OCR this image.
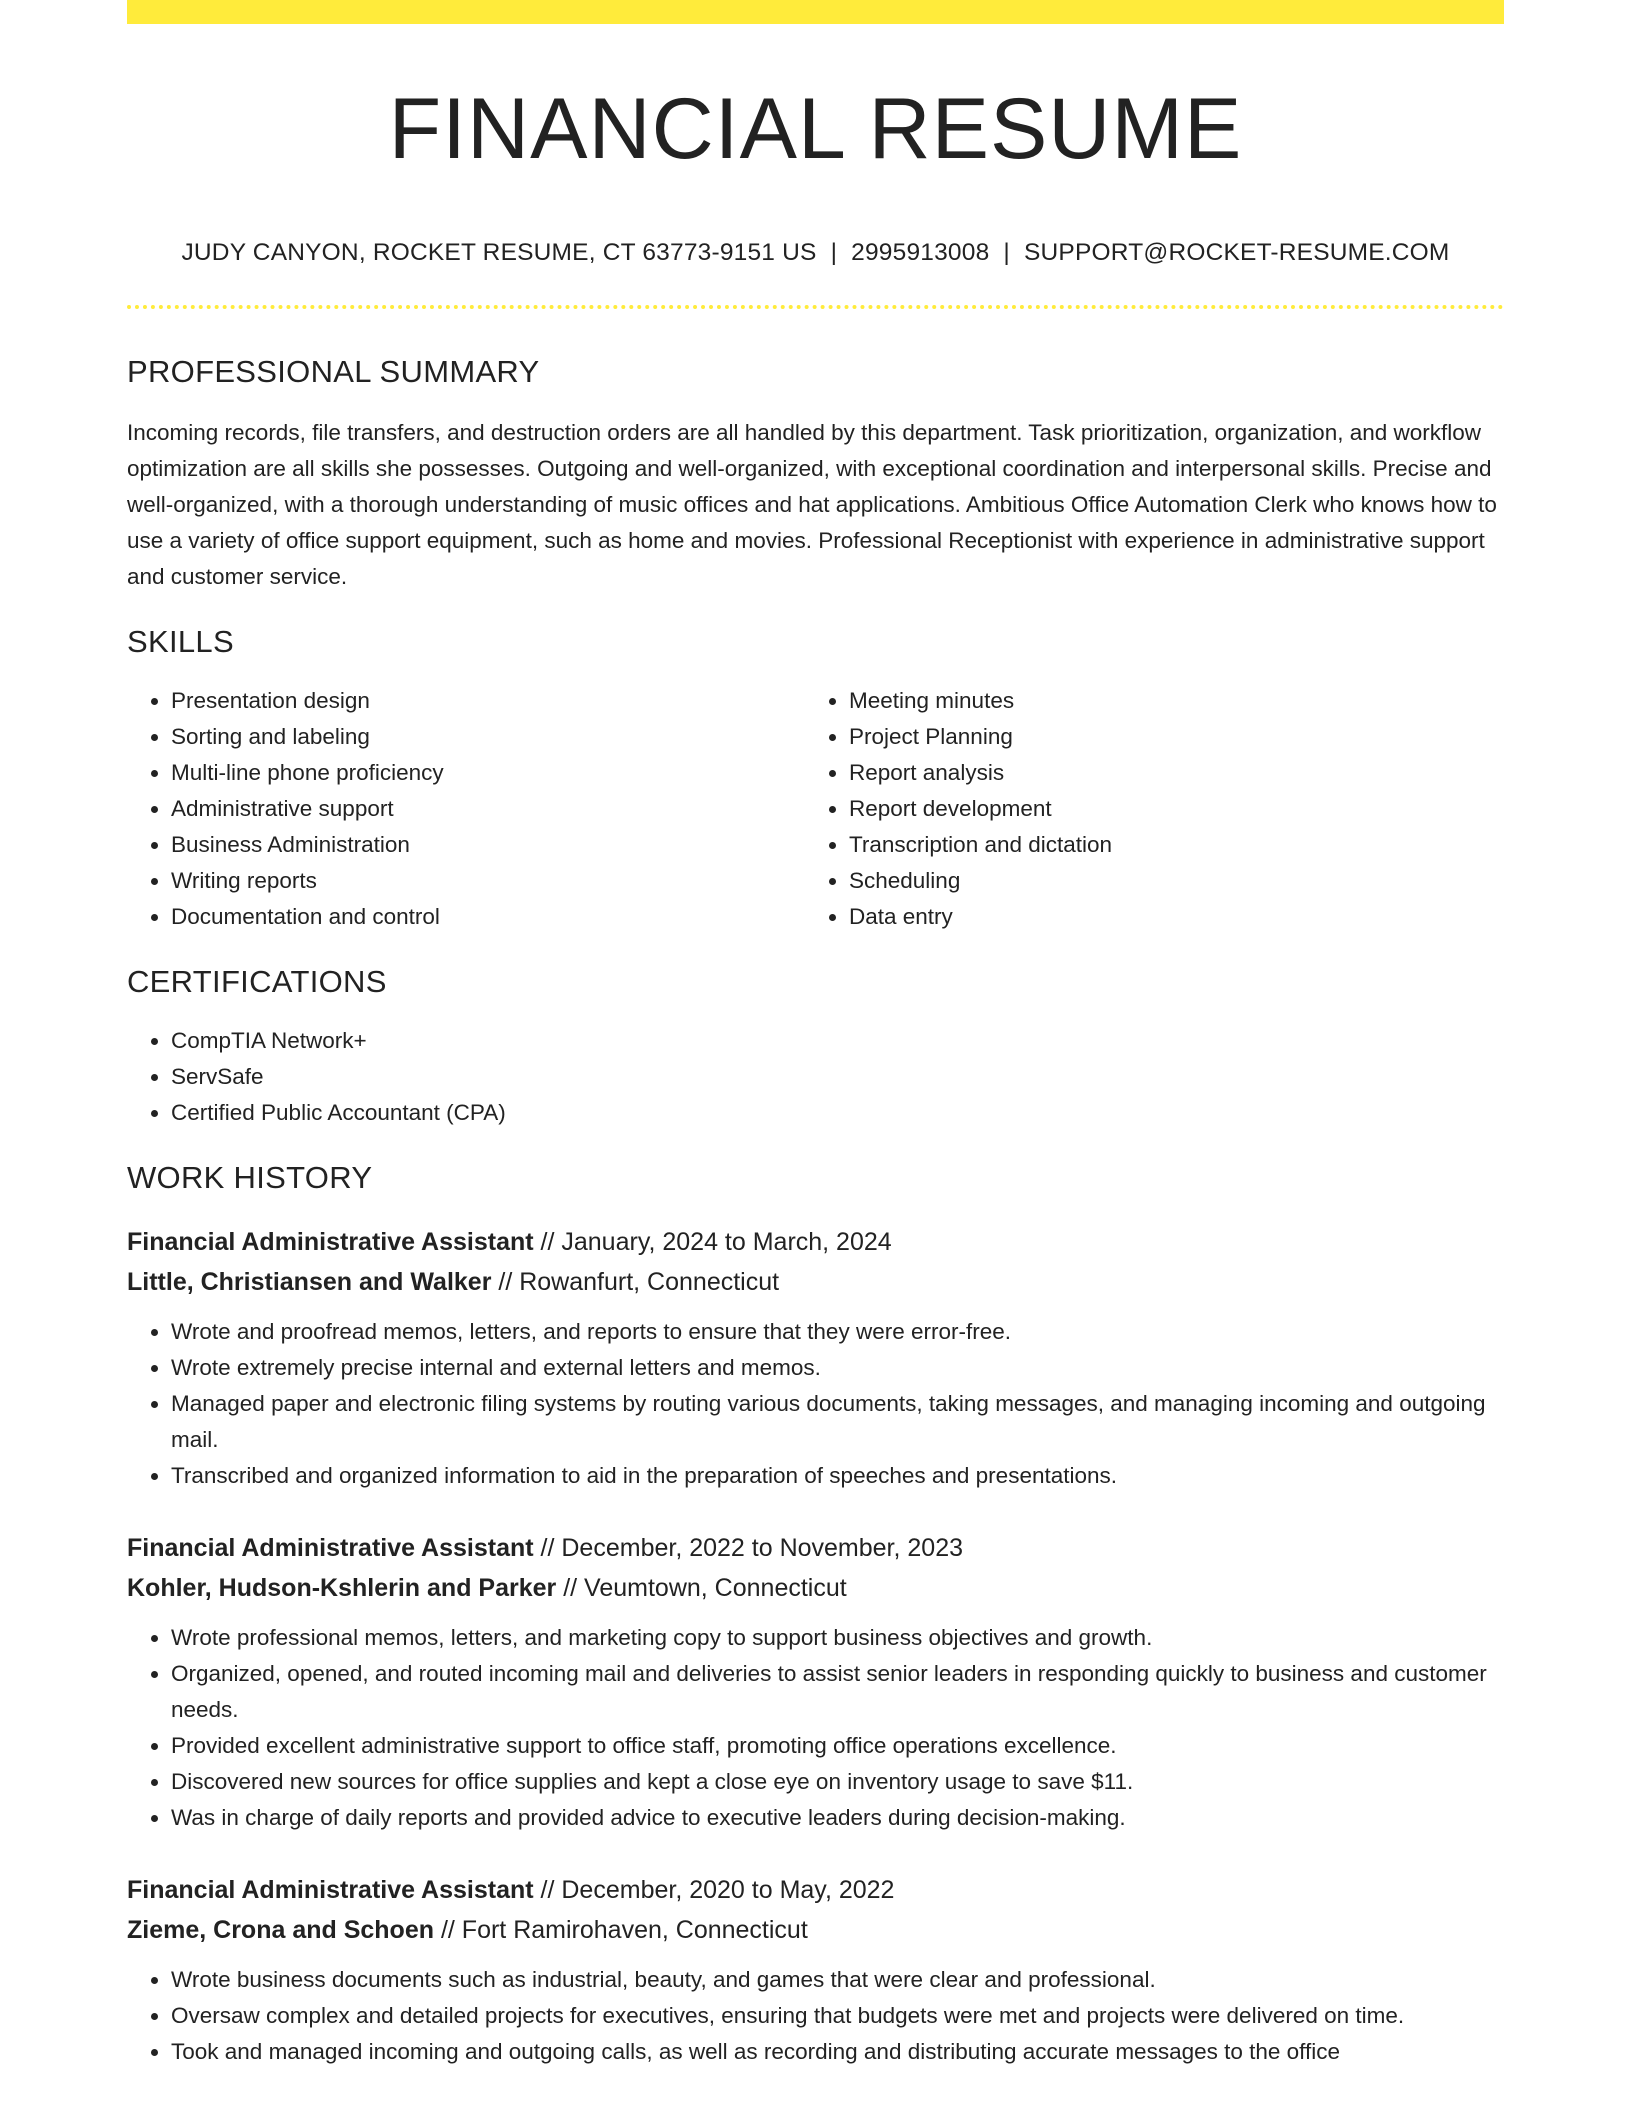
FINANCIAL RESUME
JUDY CANYON, ROCKET RESUME, CT 63773-9151 US | 2995913008 | SUPPORT@ROCKET-RESUME.COM
PROFESSIONAL SUMMARY

Incoming records, file transfers, and destruction orders are all handled by this department. Task prioritization, organization, and workflow optimization are all skills she possesses. Outgoing and well-organized, with exceptional coordination and interpersonal skills. Precise and well-organized, with a thorough understanding of music offices and hat applications. Ambitious Office Automation Clerk who knows how to use a variety of office support equipment, such as home and movies. Professional Receptionist with experience in administrative support and customer service.

SKILLS
• Presentation design
• Sorting and labeling
• Multi-line phone proficiency
• Administrative support
• Business Administration
• Writing reports
• Documentation and control
• Meeting minutes
• Project Planning
• Report analysis
• Report development
• Transcription and dictation
• Scheduling
• Data entry
CERTIFICATIONS
• CompTIA Network+
• ServSafe
• Certified Public Accountant (CPA)
WORK HISTORY
Financial Administrative Assistant // January, 2024 to March, 2024
Little, Christiansen and Walker // Rowanfurt, Connecticut
• Wrote and proofread memos, letters, and reports to ensure that they were error-free.
• Wrote extremely precise internal and external letters and memos.
• Managed paper and electronic filing systems by routing various documents, taking messages, and managing incoming and outgoing mail.
• Transcribed and organized information to aid in the preparation of speeches and presentations.
Financial Administrative Assistant // December, 2022 to November, 2023
Kohler, Hudson-Kshlerin and Parker // Veumtown, Connecticut
• Wrote professional memos, letters, and marketing copy to support business objectives and growth.
• Organized, opened, and routed incoming mail and deliveries to assist senior leaders in responding quickly to business and customer needs.
• Provided excellent administrative support to office staff, promoting office operations excellence.
• Discovered new sources for office supplies and kept a close eye on inventory usage to save $11.
• Was in charge of daily reports and provided advice to executive leaders during decision-making.
Financial Administrative Assistant // December, 2020 to May, 2022
Zieme, Crona and Schoen // Fort Ramirohaven, Connecticut
• Wrote business documents such as industrial, beauty, and games that were clear and professional.
• Oversaw complex and detailed projects for executives, ensuring that budgets were met and projects were delivered on time.
• Took and managed incoming and outgoing calls, as well as recording and distributing accurate messages to the office
